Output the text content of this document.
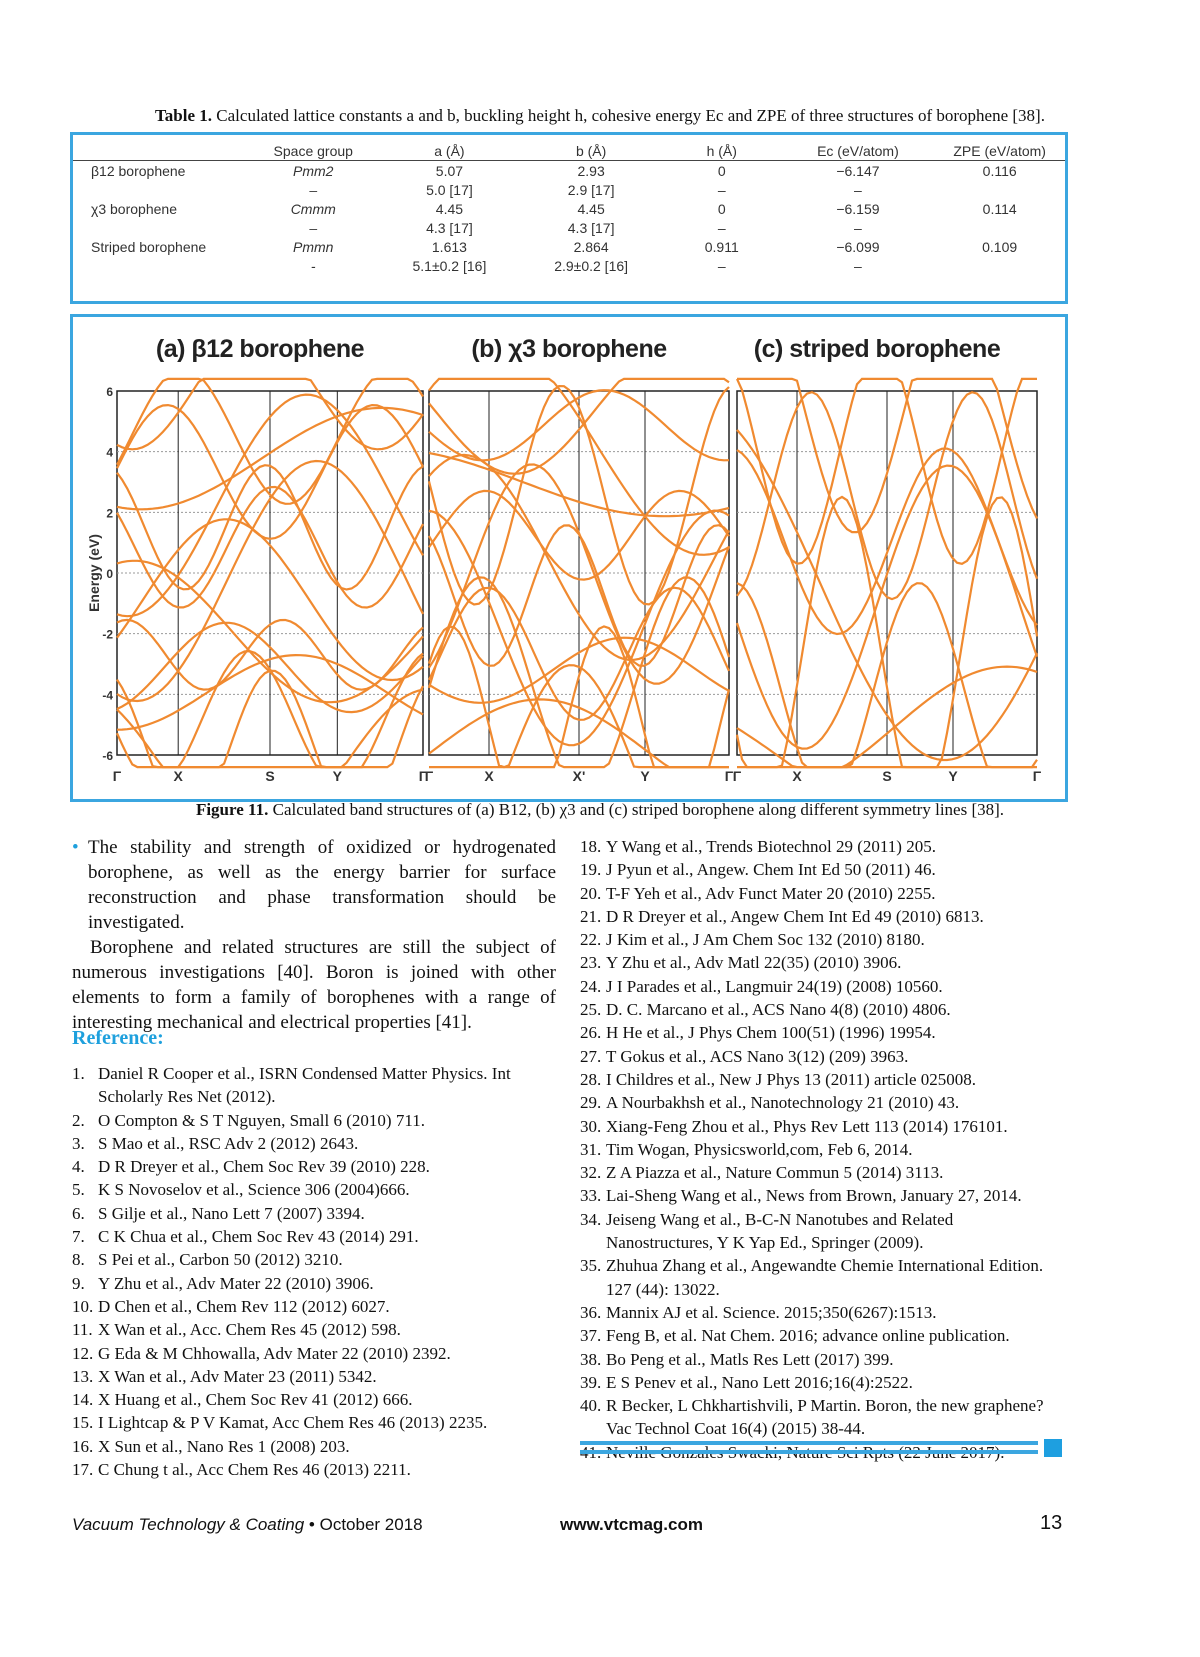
Table 1. Calculated lattice constants a and b, buckling height h, cohesive energy Ec and ZPE of three structures of borophene [38].
	Space group	a (Å)	b (Å)	h (Å)	Ec (eV/atom)	ZPE (eV/atom)
β12 borophene	Pmm2	5.07	2.93	0	−6.147	0.116
	–	5.0 [17]	2.9 [17]	–	–	
χ3 borophene	Cmmm	4.45	4.45	0	−6.159	0.114
	–	4.3 [17]	4.3 [17]	–	–	
Striped borophene	Pmmn	1.613	2.864	0.911	−6.099	0.109
	-	5.1±0.2 [16]	2.9±0.2 [16]	–	–	
Energy (eV)
6
4
2
0
-2
-4
-6
(a) β12 borophene
Γ	X	S	Y	Γ
(b) χ3 borophene
Γ	X	X'	Y	Γ
(c) striped borophene
Γ	X	S	Y	Γ
Figure 11. Calculated band structures of (a) B12, (b) χ3 and (c) striped borophene along different symmetry lines [38].
• The stability and strength of oxidized or hydrogenated borophene, as well as the energy barrier for surface reconstruction and phase transformation should be investigated.
Borophene and related structures are still the subject of numerous investigations [40]. Boron is joined with other elements to form a family of borophenes with a range of interesting mechanical and electrical properties [41].
Reference:
1. Daniel R Cooper et al., ISRN Condensed Matter Physics. Int Scholarly Res Net (2012).
2. O Compton & S T Nguyen, Small 6 (2010) 711.
3. S Mao et al., RSC Adv 2 (2012) 2643.
4. D R Dreyer et al., Chem Soc Rev 39 (2010) 228.
5. K S Novoselov et al., Science 306 (2004)666.
6. S Gilje et al., Nano Lett 7 (2007) 3394.
7. C K Chua et al., Chem Soc Rev 43 (2014) 291.
8. S Pei et al., Carbon 50 (2012) 3210.
9. Y Zhu et al., Adv Mater 22 (2010) 3906.
10. D Chen et al., Chem Rev 112 (2012) 6027.
11. X Wan et al., Acc. Chem Res 45 (2012) 598.
12. G Eda & M Chhowalla, Adv Mater 22 (2010) 2392.
13. X Wan et al., Adv Mater 23 (2011) 5342.
14. X Huang et al., Chem Soc Rev 41 (2012) 666.
15. I Lightcap & P V Kamat, Acc Chem Res 46 (2013) 2235.
16. X Sun et al., Nano Res 1 (2008) 203.
17. C Chung t al., Acc Chem Res 46 (2013) 2211.
18. Y Wang et al., Trends Biotechnol 29 (2011) 205.
19. J Pyun et al., Angew. Chem Int Ed 50 (2011) 46.
20. T-F Yeh et al., Adv Funct Mater 20 (2010) 2255.
21. D R Dreyer et al., Angew Chem Int Ed 49 (2010) 6813.
22. J Kim et al., J Am Chem Soc 132 (2010) 8180.
23. Y Zhu et al., Adv Matl 22(35) (2010) 3906.
24. J I Parades et al., Langmuir 24(19) (2008) 10560.
25. D. C. Marcano et al., ACS Nano 4(8) (2010) 4806.
26. H He et al., J Phys Chem 100(51) (1996) 19954.
27. T Gokus et al., ACS Nano 3(12) (209) 3963.
28. I Childres et al., New J Phys 13 (2011) article 025008.
29. A Nourbakhsh et al., Nanotechnology 21 (2010) 43.
30. Xiang-Feng Zhou et al., Phys Rev Lett 113 (2014) 176101.
31. Tim Wogan, Physicsworld,com, Feb 6, 2014.
32. Z A Piazza et al., Nature Commun 5 (2014) 3113.
33. Lai-Sheng Wang et al., News from Brown, January 27, 2014.
34. Jeiseng Wang et al., B-C-N Nanotubes and Related Nanostructures, Y K Yap Ed., Springer (2009).
35. Zhuhua Zhang et al., Angewandte Chemie International Edition. 127 (44): 13022.
36. Mannix AJ et al. Science. 2015;350(6267):1513.
37. Feng B, et al. Nat Chem. 2016; advance online publication.
38. Bo Peng et al., Matls Res Lett (2017) 399.
39. E S Penev et al., Nano Lett 2016;16(4):2522.
40. R Becker, L Chkhartishvili, P Martin. Boron, the new graphene? Vac Technol Coat 16(4) (2015) 38-44.
Vacuum Technology & Coating • October 2018	www.vtcmag.com	13
